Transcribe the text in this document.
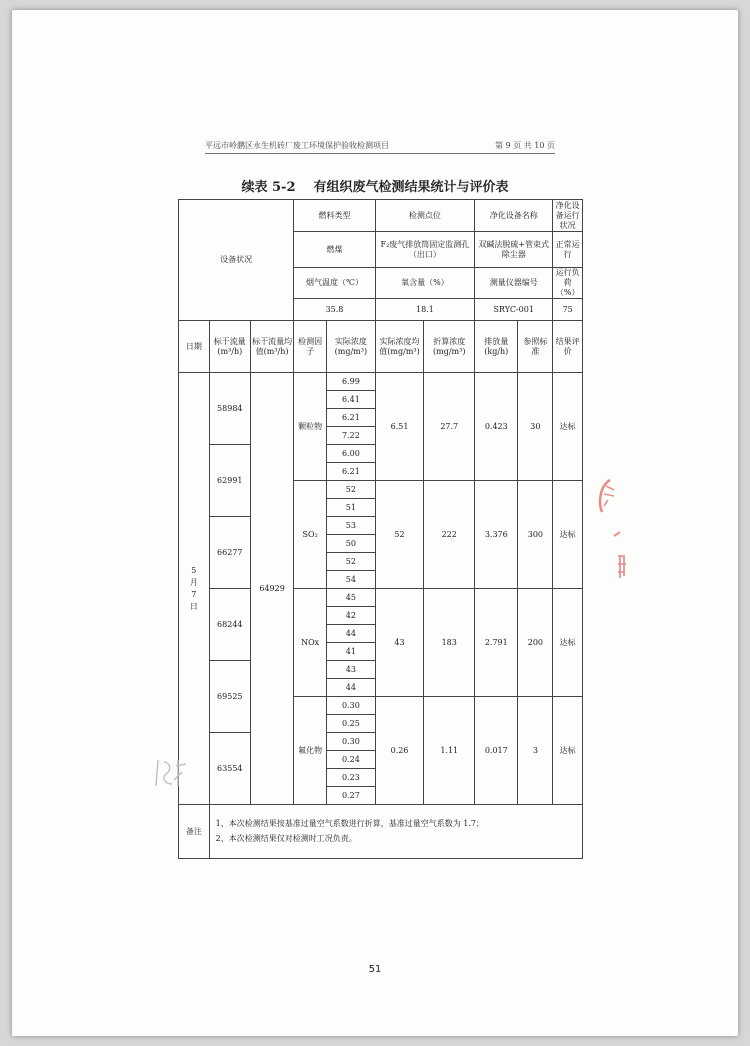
平远市岭鹏区永生机砖厂废工环境保护验收检测项目	第 9 页 共 10 页
续表 5-2 有组织废气检测结果统计与评价表
设备状况			燃料类型		检测点位		净化设备名称		净化设备运行状况
			燃煤		F₂废气排放筒固定监测孔（出口）		双碱法脱硫+管束式除尘器		正常运行
			烟气温度（℃）		氧含量（%）		测量仪器编号		运行负荷（%）
			35.8		18.1		SRYC-001		75
日期	标干流量(m³/h)	标干流量均值(m³/h)	检测因子	实际浓度(mg/m³)	实际浓度均值(mg/m³)	折算浓度(mg/m³)	排放量(kg/h)	参照标准	结果评价
5月7日	58984	64929	颗粒物	6.99	6.51	27.7	0.423	30	达标
				6.41					
				6.21					
				7.22					
	62991			6.00					
				6.21					
			SO₂	52	52	222	3.376	300	达标
				51					
	66277			53					
				50					
				52					
				54					
	68244		NOx	45	43	183	2.791	200	达标
				42					
				44					
				41					
	69525			43					
				44					
			氟化物	0.30	0.26	1.11	0.017	3	达标
				0.25					
	63554			0.30					
				0.24					
				0.23					
				0.27					
备注	1、本次检测结果按基准过量空气系数进行折算，基准过量空气系数为 1.7；
2、本次检测结果仅对检测时工况负责。								
51
